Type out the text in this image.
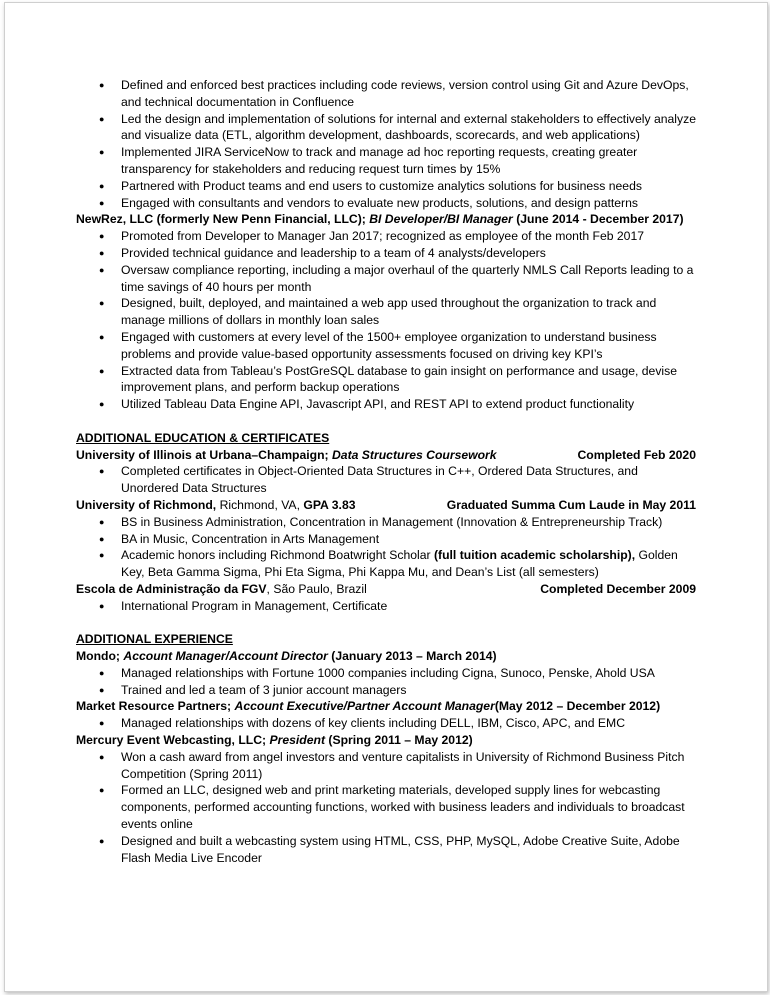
● Defined and enforced best practices including code reviews, version control using Git and Azure DevOps, and technical documentation in Confluence
● Led the design and implementation of solutions for internal and external stakeholders to effectively analyze and visualize data (ETL, algorithm development, dashboards, scorecards, and web applications)
● Implemented JIRA ServiceNow to track and manage ad hoc reporting requests, creating greater transparency for stakeholders and reducing request turn times by 15%
● Partnered with Product teams and end users to customize analytics solutions for business needs
● Engaged with consultants and vendors to evaluate new products, solutions, and design patterns
NewRez, LLC (formerly New Penn Financial, LLC); BI Developer/BI Manager (June 2014 - December 2017)
● Promoted from Developer to Manager Jan 2017; recognized as employee of the month Feb 2017
● Provided technical guidance and leadership to a team of 4 analysts/developers
● Oversaw compliance reporting, including a major overhaul of the quarterly NMLS Call Reports leading to a time savings of 40 hours per month
● Designed, built, deployed, and maintained a web app used throughout the organization to track and manage millions of dollars in monthly loan sales
● Engaged with customers at every level of the 1500+ employee organization to understand business problems and provide value-based opportunity assessments focused on driving key KPI’s
● Extracted data from Tableau’s PostGreSQL database to gain insight on performance and usage, devise improvement plans, and perform backup operations
● Utilized Tableau Data Engine API, Javascript API, and REST API to extend product functionality
ADDITIONAL EDUCATION & CERTIFICATES
University of Illinois at Urbana–Champaign; Data Structures Coursework	Completed Feb 2020
● Completed certificates in Object-Oriented Data Structures in C++, Ordered Data Structures, and Unordered Data Structures
University of Richmond, Richmond, VA, GPA 3.83	Graduated Summa Cum Laude in May 2011
● BS in Business Administration, Concentration in Management (Innovation & Entrepreneurship Track)
● BA in Music, Concentration in Arts Management
● Academic honors including Richmond Boatwright Scholar (full tuition academic scholarship), Golden Key, Beta Gamma Sigma, Phi Eta Sigma, Phi Kappa Mu, and Dean’s List (all semesters)
Escola de Administração da FGV, São Paulo, Brazil	Completed December 2009
● International Program in Management, Certificate
ADDITIONAL EXPERIENCE
Mondo; Account Manager/Account Director (January 2013 – March 2014)
● Managed relationships with Fortune 1000 companies including Cigna, Sunoco, Penske, Ahold USA
● Trained and led a team of 3 junior account managers
Market Resource Partners; Account Executive/Partner Account Manager(May 2012 – December 2012)
● Managed relationships with dozens of key clients including DELL, IBM, Cisco, APC, and EMC
Mercury Event Webcasting, LLC; President (Spring 2011 – May 2012)
● Won a cash award from angel investors and venture capitalists in University of Richmond Business Pitch Competition (Spring 2011)
● Formed an LLC, designed web and print marketing materials, developed supply lines for webcasting components, performed accounting functions, worked with business leaders and individuals to broadcast events online
● Designed and built a webcasting system using HTML, CSS, PHP, MySQL, Adobe Creative Suite, Adobe Flash Media Live Encoder
